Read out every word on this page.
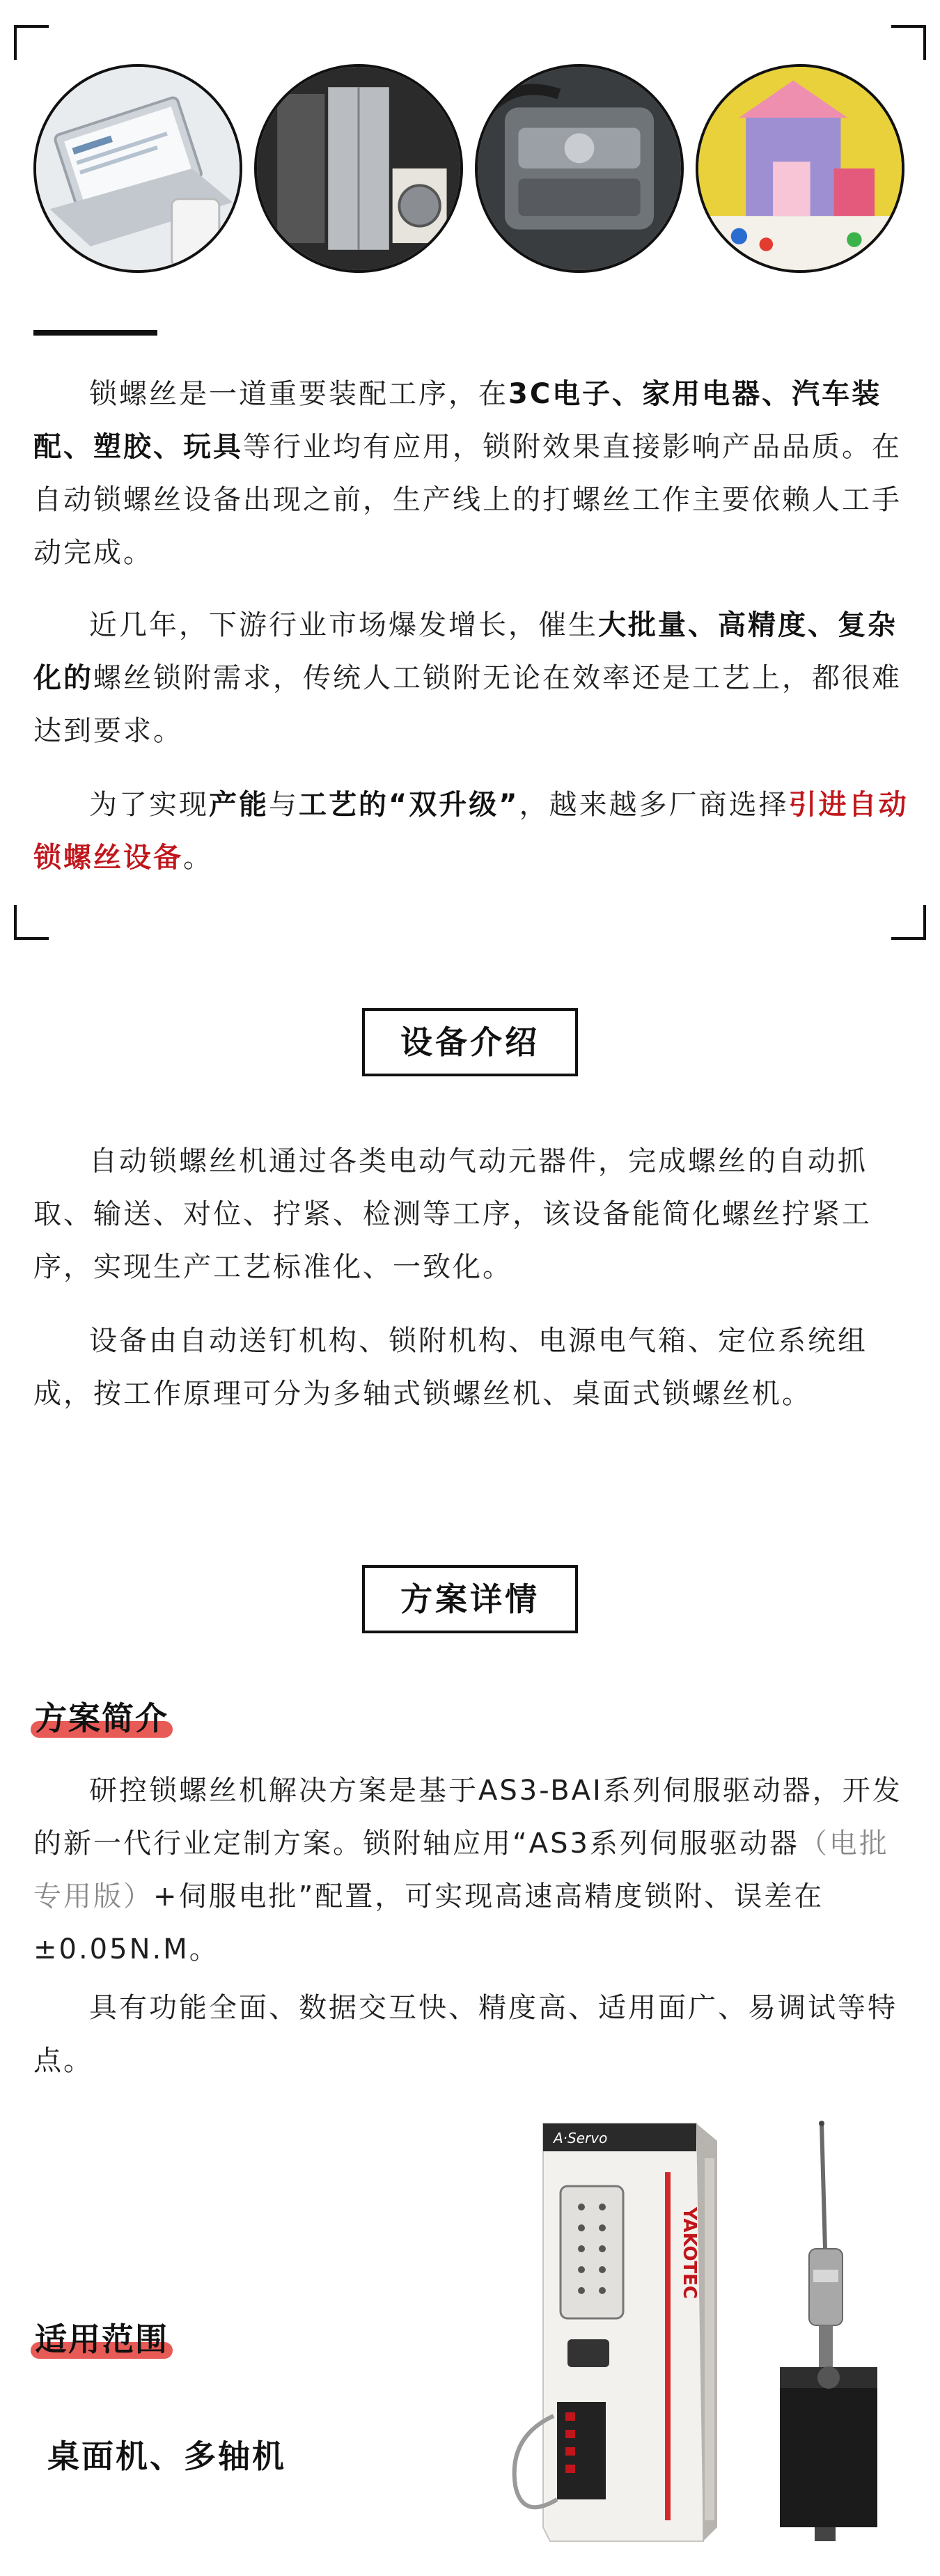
锁螺丝是一道重要装配工序，在3C电子、家用电器、汽车装配、塑胶、玩具等行业均有应用，锁附效果直接影响产品品质。在自动锁螺丝设备出现之前，生产线上的打螺丝工作主要依赖人工手动完成。

近几年，下游行业市场爆发增长，催生大批量、高精度、复杂化的螺丝锁附需求，传统人工锁附无论在效率还是工艺上，都很难达到要求。

为了实现产能与工艺的“双升级”，越来越多厂商选择引进自动锁螺丝设备。

设备介绍

自动锁螺丝机通过各类电动气动元器件，完成螺丝的自动抓取、输送、对位、拧紧、检测等工序，该设备能简化螺丝拧紧工序，实现生产工艺标准化、一致化。

设备由自动送钉机构、锁附机构、电源电气箱、定位系统组成，按工作原理可分为多轴式锁螺丝机、桌面式锁螺丝机。

方案详情
方案简介

研控锁螺丝机解决方案是基于AS3-BAI系列伺服驱动器，开发的新一代行业定制方案。锁附轴应用“AS3系列伺服驱动器（电批专用版）+伺服电批”配置，可实现高速高精度锁附、误差在±0.05N.M。

具有功能全面、数据交互快、精度高、适用面广、易调试等特点。

适用范围
桌面机、多轴机
A·Servo
YAKOTEC
